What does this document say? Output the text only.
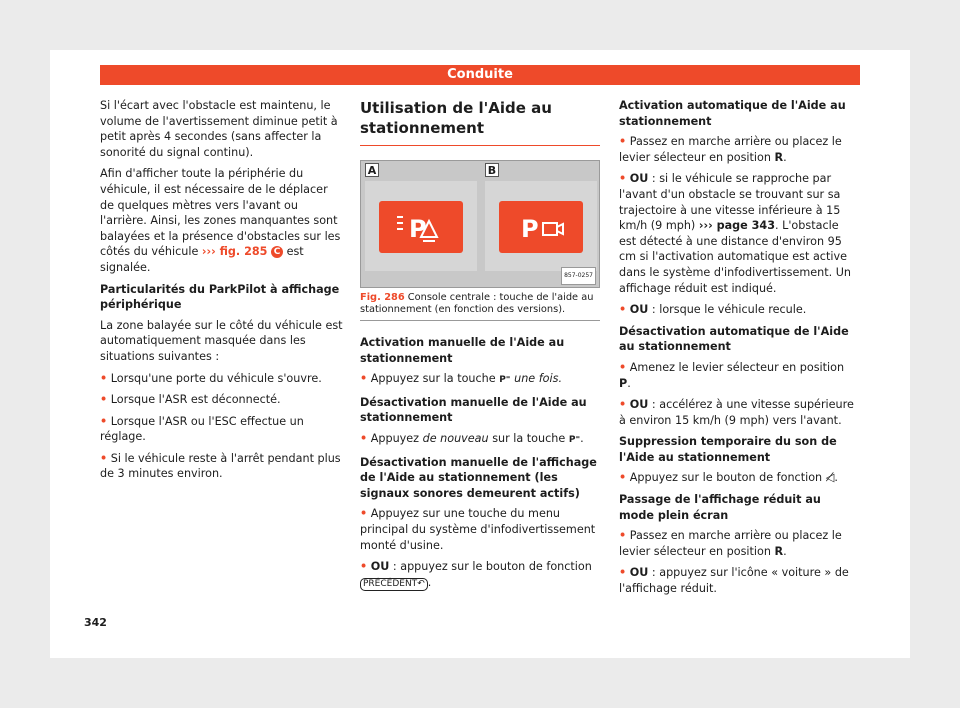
Conduite

Si l'écart avec l'obstacle est maintenu, le volume de l'avertissement diminue petit à petit après 4 secondes (sans affecter la sonorité du signal continu).

Afin d'afficher toute la périphérie du véhicule, il est nécessaire de le déplacer de quelques mètres vers l'avant ou l'arrière. Ainsi, les zones manquantes sont balayées et la présence d'obstacles sur les côtés du véhicule ››› fig. 285 C est signalée.

Particularités du ParkPilot à affichage périphérique

La zone balayée sur le côté du véhicule est automatiquement masquée dans les situations suivantes :

• Lorsqu'une porte du véhicule s'ouvre.
• Lorsque l'ASR est déconnecté.
• Lorsque l'ASR ou l'ESC effectue un réglage.
• Si le véhicule reste à l'arrêt pendant plus de 3 minutes environ.
Utilisation de l'Aide au stationnement
A	B
P	P
857-0257
Fig. 286 Console centrale : touche de l'aide au stationnement (en fonction des versions).
Activation manuelle de l'Aide au stationnement
• Appuyez sur la touche P⁼ une fois.
Désactivation manuelle de l'Aide au stationnement
• Appuyez de nouveau sur la touche P⁼.
Désactivation manuelle de l'affichage de l'Aide au stationnement (les signaux sonores demeurent actifs)
• Appuyez sur une touche du menu principal du système d'infodivertissement monté d'usine.
• OU : appuyez sur le bouton de fonction PRÉCÉDENT↶ .
Activation automatique de l'Aide au stationnement
• Passez en marche arrière ou placez le levier sélecteur en position R.
• OU : si le véhicule se rapproche par l'avant d'un obstacle se trouvant sur sa trajectoire à une vitesse inférieure à 15 km/h (9 mph) ››› page 343. L'obstacle est détecté à une distance d'environ 95 cm si l'activation automatique est active dans le système d'infodivertissement. Un affichage réduit est indiqué.
• OU : lorsque le véhicule recule.
Désactivation automatique de l'Aide au stationnement
• Amenez le levier sélecteur en position P.
• OU : accélérez à une vitesse supérieure à environ 15 km/h (9 mph) vers l'avant.
Suppression temporaire du son de l'Aide au stationnement
• Appuyez sur le bouton de fonction ◁̸.
Passage de l'affichage réduit au mode plein écran
• Passez en marche arrière ou placez le levier sélecteur en position R.
• OU : appuyez sur l'icône « voiture » de l'affichage réduit.
342
